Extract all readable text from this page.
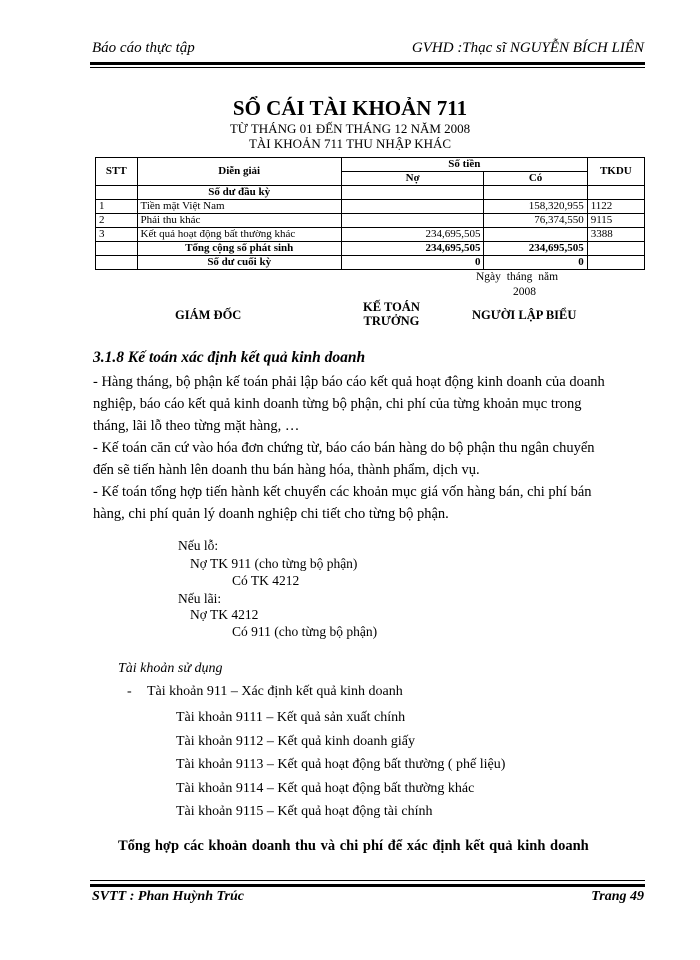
Báo cáo thực tập	GVHD :Thạc sĩ NGUYỄN BÍCH LIÊN
SỔ CÁI TÀI KHOẢN 711
TỪ THÁNG 01 ĐẾN THÁNG 12 NĂM 2008
TÀI KHOẢN 711 THU NHẬP KHÁC
STT	Diễn giải	Số tiền		TKDU
		Nợ	Có	
	Số dư đầu kỳ			
1	Tiền mặt Việt Nam		158,320,955	1122
2	Phải thu khác		76,374,550	9115
3	Kết quả hoạt động bất thường khác	234,695,505		3388
	Tổng cộng số phát sinh	234,695,505	234,695,505	
	Số dư cuối kỳ	0	0	
Ngày tháng năm
2008
GIÁM ĐỐC
KẾ TOÁN
TRƯỞNG	NGƯỜI LẬP BIỂU
3.1.8 Kế toán xác định kết quả kinh doanh
- Hàng tháng, bộ phận kế toán phải lập báo cáo kết quả hoạt động kinh doanh của doanh
nghiệp, báo cáo kết quả kinh doanh từng bộ phận, chi phí của từng khoản mục trong
tháng, lãi lỗ theo từng mặt hàng, …
- Kế toán căn cứ vào hóa đơn chứng từ, báo cáo bán hàng do bộ phận thu ngân chuyển
đến sẽ tiến hành lên doanh thu bán hàng hóa, thành phẩm, dịch vụ.
- Kế toán tổng hợp tiến hành kết chuyển các khoản mục giá vốn hàng bán, chi phí bán
hàng, chi phí quản lý doanh nghiệp chi tiết cho từng bộ phận.
Nếu lỗ:
Nợ TK 911 (cho từng bộ phận)
Có TK 4212
Nếu lãi:
Nợ TK 4212
Có 911 (cho từng bộ phận)
Tài khoản sử dụng
- Tài khoản 911 – Xác định kết quả kinh doanh
Tài khoản 9111 – Kết quả sản xuất chính
Tài khoản 9112 – Kết quả kinh doanh giấy
Tài khoản 9113 – Kết quả hoạt động bất thường ( phế liệu)
Tài khoản 9114 – Kết quả hoạt động bất thường khác
Tài khoản 9115 – Kết quả hoạt động tài chính
Tổng hợp các khoản doanh thu và chi phí để xác định kết quả kinh doanh
SVTT : Phan Huỳnh Trúc	Trang 49
